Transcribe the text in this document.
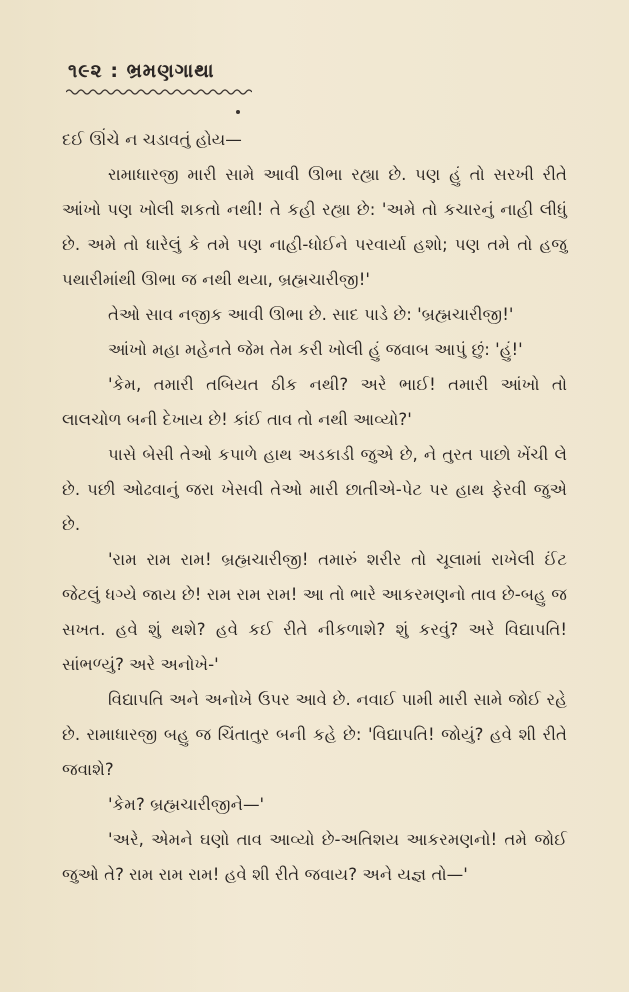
૧૯૨ : ભ્રમણગાથા

દઈ ઊંચે ન ચડાવતું હોય—

રામાધારજી મારી સામે આવી ઊભા રહ્યા છે. પણ હું તો સરખી રીતે આંખો પણ ખોલી શકતો નથી! તે કહી રહ્યા છે: 'અમે તો કચારનું નાહી લીધું છે. અમે તો ધારેલું કે તમે પણ નાહી-ધોઈને પરવાર્યા હશો; પણ તમે તો હજુ પથારીમાંથી ઊભા જ નથી થયા, બ્રહ્મચારીજી!'

તેઓ સાવ નજીક આવી ઊભા છે. સાદ પાડે છે: 'બ્રહ્મચારીજી!'

આંખો મહા મહેનતે જેમ તેમ કરી ખોલી હું જવાબ આપું છું: 'હું!'

'કેમ, તમારી તબિયત ઠીક નથી? અરે ભાઈ! તમારી આંખો તો લાલચોળ બની દેખાય છે! કાંઈ તાવ તો નથી આવ્યો?'

પાસે બેસી તેઓ કપાળે હાથ અડકાડી જુએ છે, ને તુરત પાછો ખેંચી લે છે. પછી ઓઢવાનું જરા ખેસવી તેઓ મારી છાતીએ-પેટ પર હાથ ફેરવી જુએ છે.

'રામ રામ રામ! બ્રહ્મચારીજી! તમારું શરીર તો ચૂલામાં રાખેલી ઈંટ જેટલું ધગ્યે જાય છે! રામ રામ રામ! આ તો ભારે આકરમણનો તાવ છે-બહુ જ સખત. હવે શું થશે? હવે કઈ રીતે નીકળાશે? શું કરવું? અરે વિદ્યાપતિ! સાંભળ્યું? અરે અનોખે-'

વિદ્યાપતિ અને અનોખે ઉપર આવે છે. નવાઈ પામી મારી સામે જોઈ રહે છે. રામાધારજી બહુ જ ચિંતાતુર બની કહે છે: 'વિદ્યાપતિ! જોયું? હવે શી રીતે જવાશે?

'કેમ? બ્રહ્મચારીજીને—'

'અરે, એમને ઘણો તાવ આવ્યો છે-અતિશય આકરમણનો! તમે જોઈ જુઓ તે? રામ રામ રામ! હવે શી રીતે જવાય? અને યજ્ઞ તો—'
